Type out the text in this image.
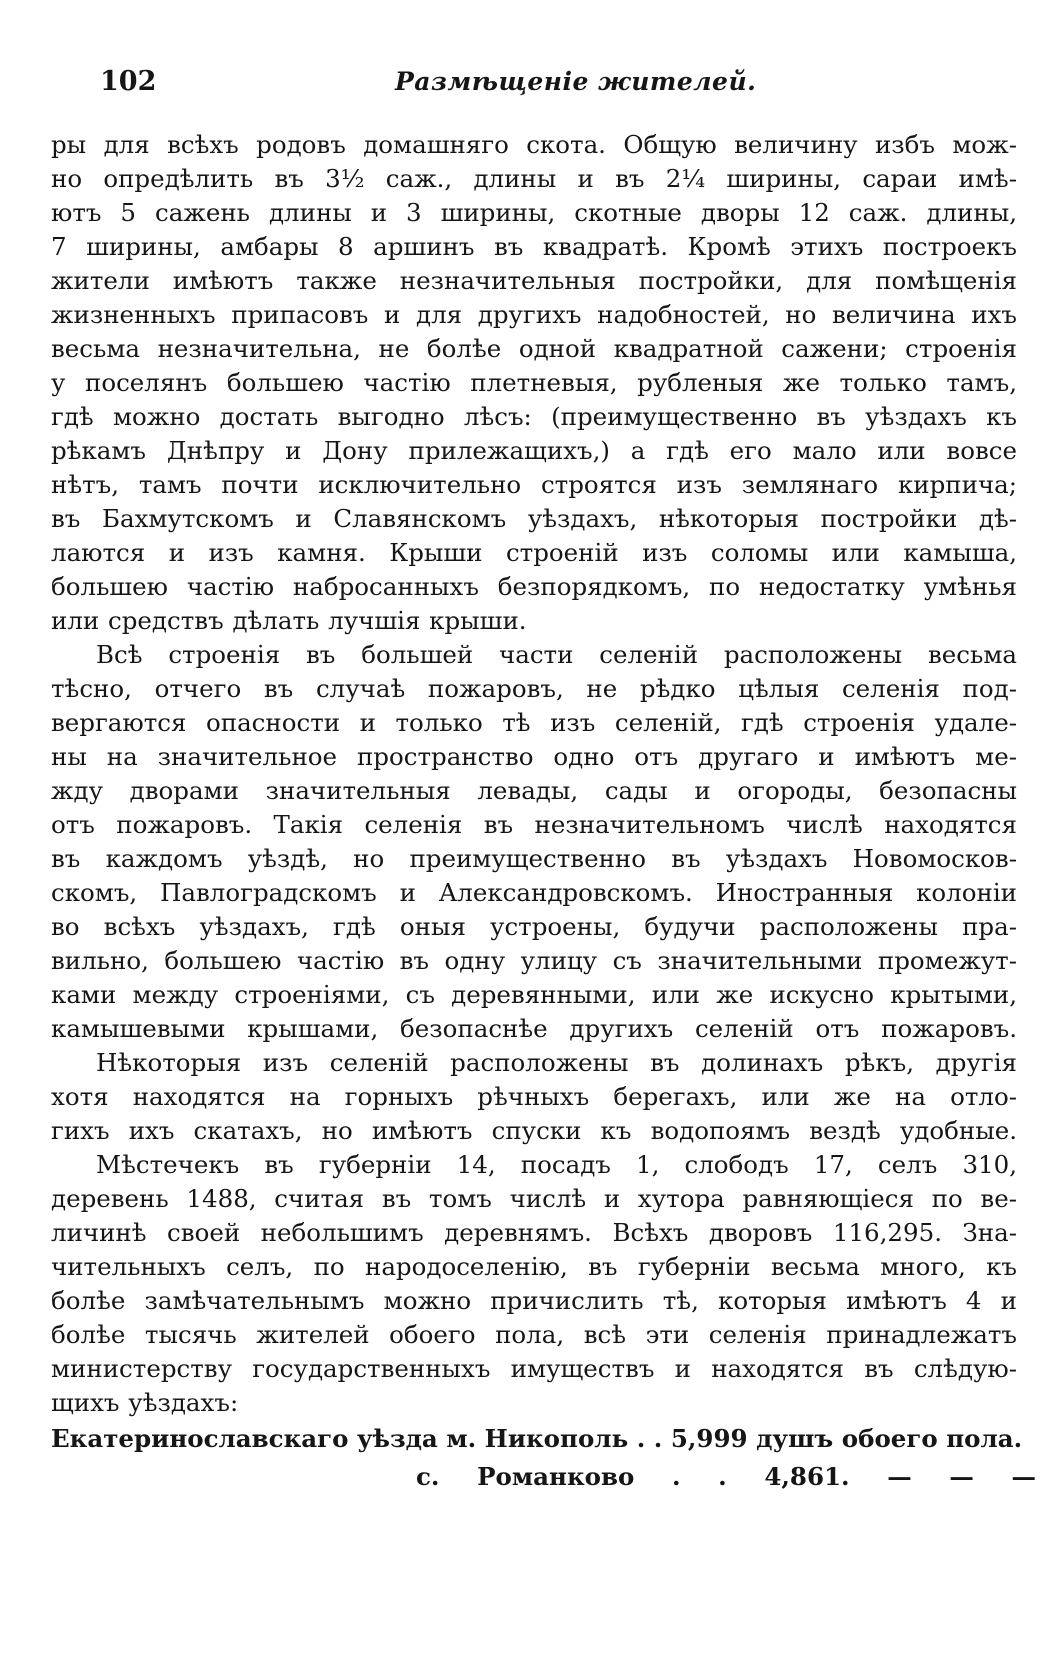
102	Размѣщеніе жителей.
ры для всѣхъ родовъ домашняго скота. Общую величину избъ мож-
но опредѣлить въ 3½ саж., длины и въ 2¼ ширины, сараи имѣ-
ютъ 5 сажень длины и 3 ширины, скотные дворы 12 саж. длины,
7 ширины, амбары 8 аршинъ въ квадратѣ. Кромѣ этихъ построекъ
жители имѣютъ также незначительныя постройки, для помѣщенія
жизненныхъ припасовъ и для другихъ надобностей, но величина ихъ
весьма незначительна, не болѣе одной квадратной сажени; строенія
у поселянъ большею частію плетневыя, рубленыя же только тамъ,
гдѣ можно достать выгодно лѣсъ: (преимущественно въ уѣздахъ къ
рѣкамъ Днѣпру и Дону прилежащихъ,) а гдѣ его мало или вовсе
нѣтъ, тамъ почти исключительно строятся изъ землянаго кирпича;
въ Бахмутскомъ и Славянскомъ уѣздахъ, нѣкоторыя постройки дѣ-
лаются и изъ камня. Крыши строеній изъ соломы или камыша,
большею частію набросанныхъ безпорядкомъ, по недостатку умѣнья
или средствъ дѣлать лучшія крыши.
Всѣ строенія въ большей части селеній расположены весьма
тѣсно, отчего въ случаѣ пожаровъ, не рѣдко цѣлыя селенія под-
вергаются опасности и только тѣ изъ селеній, гдѣ строенія удале-
ны на значительное пространство одно отъ другаго и имѣютъ ме-
жду дворами значительныя левады, сады и огороды, безопасны
отъ пожаровъ. Такія селенія въ незначительномъ числѣ находятся
въ каждомъ уѣздѣ, но преимущественно въ уѣздахъ Новомосков-
скомъ, Павлоградскомъ и Александровскомъ. Иностранныя колоніи
во всѣхъ уѣздахъ, гдѣ оныя устроены, будучи расположены пра-
вильно, большею частію въ одну улицу съ значительными промежут-
ками между строеніями, съ деревянными, или же искусно крытыми,
камышевыми крышами, безопаснѣе другихъ селеній отъ пожаровъ.
Нѣкоторыя изъ селеній расположены въ долинахъ рѣкъ, другія
хотя находятся на горныхъ рѣчныхъ берегахъ, или же на отло-
гихъ ихъ скатахъ, но имѣютъ спуски къ водопоямъ вездѣ удобные.
Мѣстечекъ въ губерніи 14, посадъ 1, слободъ 17, селъ 310,
деревень 1488, считая въ томъ числѣ и хутора равняющіеся по ве-
личинѣ своей небольшимъ деревнямъ. Всѣхъ дворовъ 116,295. Зна-
чительныхъ селъ, по народоселенію, въ губерніи весьма много, къ
болѣе замѣчательнымъ можно причислить тѣ, которыя имѣютъ 4 и
болѣе тысячь жителей обоего пола, всѣ эти селенія принадлежатъ
министерству государственныхъ имуществъ и находятся въ слѣдую-
щихъ уѣздахъ:
Екатеринославскаго уѣзда м. Никополь . . 5,999 душъ обоего пола.
с. Романково . . 4,861. — — —
